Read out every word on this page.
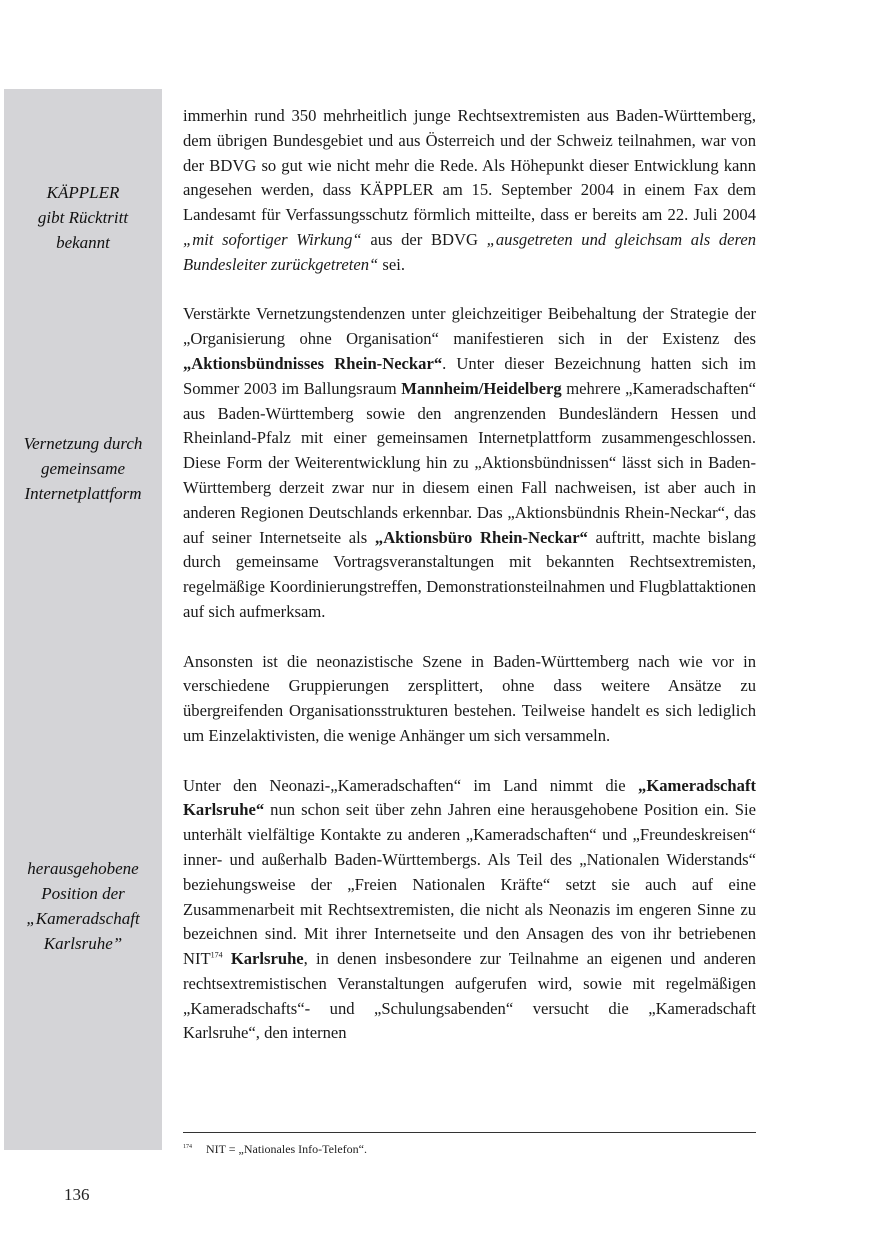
KÄPPLER
gibt Rücktritt
bekannt
Vernetzung durch
gemeinsame
Internetplattform
herausgehobene
Position der
„Kameradschaft
Karlsruhe”

immerhin rund 350 mehrheitlich junge Rechtsextremisten aus Baden-Württemberg, dem übrigen Bundesgebiet und aus Österreich und der Schweiz teilnahmen, war von der BDVG so gut wie nicht mehr die Rede. Als Höhepunkt dieser Entwicklung kann angesehen werden, dass KÄPPLER am 15. September 2004 in einem Fax dem Landesamt für Verfassungsschutz förmlich mitteilte, dass er bereits am 22. Juli 2004 „mit sofortiger Wirkung“ aus der BDVG „ausgetreten und gleichsam als deren Bundesleiter zurückgetreten“ sei.

Verstärkte Vernetzungstendenzen unter gleichzeitiger Beibehaltung der Strategie der „Organisierung ohne Organisation“ manifestieren sich in der Existenz des „Aktionsbündnisses Rhein-Neckar“. Unter dieser Bezeichnung hatten sich im Sommer 2003 im Ballungsraum Mannheim/Heidelberg mehrere „Kameradschaften“ aus Baden-Württemberg sowie den angrenzenden Bundesländern Hessen und Rheinland-Pfalz mit einer gemeinsamen Internetplattform zusammengeschlossen. Diese Form der Weiterentwicklung hin zu „Aktionsbündnissen“ lässt sich in Baden-Württemberg derzeit zwar nur in diesem einen Fall nachweisen, ist aber auch in anderen Regionen Deutschlands erkennbar. Das „Aktionsbündnis Rhein-Neckar“, das auf seiner Internetseite als „Aktionsbüro Rhein-Neckar“ auftritt, machte bislang durch gemeinsame Vortragsveranstaltungen mit bekannten Rechtsextremisten, regelmäßige Koordinierungstreffen, Demonstrationsteilnahmen und Flugblattaktionen auf sich aufmerksam.

Ansonsten ist die neonazistische Szene in Baden-Württemberg nach wie vor in verschiedene Gruppierungen zersplittert, ohne dass weitere Ansätze zu übergreifenden Organisationsstrukturen bestehen. Teilweise handelt es sich lediglich um Einzelaktivisten, die wenige Anhänger um sich versammeln.

Unter den Neonazi-„Kameradschaften“ im Land nimmt die „Kameradschaft Karlsruhe“ nun schon seit über zehn Jahren eine herausgehobene Position ein. Sie unterhält vielfältige Kontakte zu anderen „Kameradschaften“ und „Freundeskreisen“ inner- und außerhalb Baden-Württembergs. Als Teil des „Nationalen Widerstands“ beziehungsweise der „Freien Nationalen Kräfte“ setzt sie auch auf eine Zusammenarbeit mit Rechtsextremisten, die nicht als Neonazis im engeren Sinne zu bezeichnen sind. Mit ihrer Internetseite und den Ansagen des von ihr betriebenen NIT$^{174}$ Karlsruhe, in denen insbesondere zur Teilnahme an eigenen und anderen rechtsextremistischen Veranstaltungen aufgerufen wird, sowie mit regelmäßigen „Kameradschafts“- und „Schulungsabenden“ versucht die „Kameradschaft Karlsruhe“, den internen

$^{174}$ NIT = „Nationales Info-Telefon“.
136
